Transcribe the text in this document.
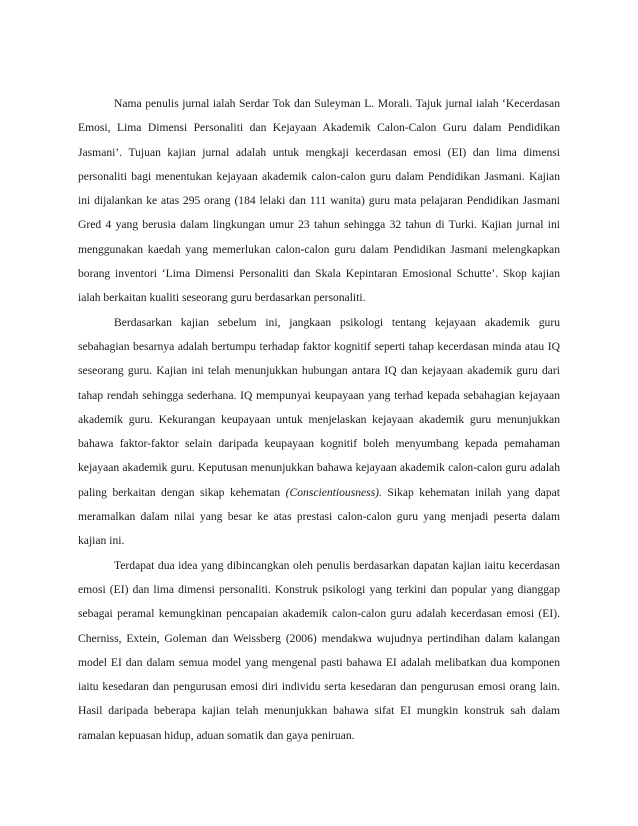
Nama penulis jurnal ialah Serdar Tok dan Suleyman L. Morali. Tajuk jurnal ialah ‘Kecerdasan Emosi, Lima Dimensi Personaliti dan Kejayaan Akademik Calon-Calon Guru dalam Pendidikan Jasmani’. Tujuan kajian jurnal adalah untuk mengkaji kecerdasan emosi (EI) dan lima dimensi personaliti bagi menentukan kejayaan akademik calon-calon guru dalam Pendidikan Jasmani. Kajian ini dijalankan ke atas 295 orang (184 lelaki dan 111 wanita) guru mata pelajaran Pendidikan Jasmani Gred 4 yang berusia dalam lingkungan umur 23 tahun sehingga 32 tahun di Turki. Kajian jurnal ini menggunakan kaedah yang memerlukan calon-calon guru dalam Pendidikan Jasmani melengkapkan borang inventori ‘Lima Dimensi Personaliti dan Skala Kepintaran Emosional Schutte’. Skop kajian ialah berkaitan kualiti seseorang guru berdasarkan personaliti.

Berdasarkan kajian sebelum ini, jangkaan psikologi tentang kejayaan akademik guru sebahagian besarnya adalah bertumpu terhadap faktor kognitif seperti tahap kecerdasan minda atau IQ seseorang guru. Kajian ini telah menunjukkan hubungan antara IQ dan kejayaan akademik guru dari tahap rendah sehingga sederhana. IQ mempunyai keupayaan yang terhad kepada sebahagian kejayaan akademik guru. Kekurangan keupayaan untuk menjelaskan kejayaan akademik guru menunjukkan bahawa faktor-faktor selain daripada keupayaan kognitif boleh menyumbang kepada pemahaman kejayaan akademik guru. Keputusan menunjukkan bahawa kejayaan akademik calon-calon guru adalah paling berkaitan dengan sikap kehematan (Conscientiousness). Sikap kehematan inilah yang dapat meramalkan dalam nilai yang besar ke atas prestasi calon-calon guru yang menjadi peserta dalam kajian ini.

Terdapat dua idea yang dibincangkan oleh penulis berdasarkan dapatan kajian iaitu kecerdasan emosi (EI) dan lima dimensi personaliti. Konstruk psikologi yang terkini dan popular yang dianggap sebagai peramal kemungkinan pencapaian akademik calon-calon guru adalah kecerdasan emosi (EI). Cherniss, Extein, Goleman dan Weissberg (2006) mendakwa wujudnya pertindihan dalam kalangan model EI dan dalam semua model yang mengenal pasti bahawa EI adalah melibatkan dua komponen iaitu kesedaran dan pengurusan emosi diri individu serta kesedaran dan pengurusan emosi orang lain. Hasil daripada beberapa kajian telah menunjukkan bahawa sifat EI mungkin konstruk sah dalam ramalan kepuasan hidup, aduan somatik dan gaya peniruan.
